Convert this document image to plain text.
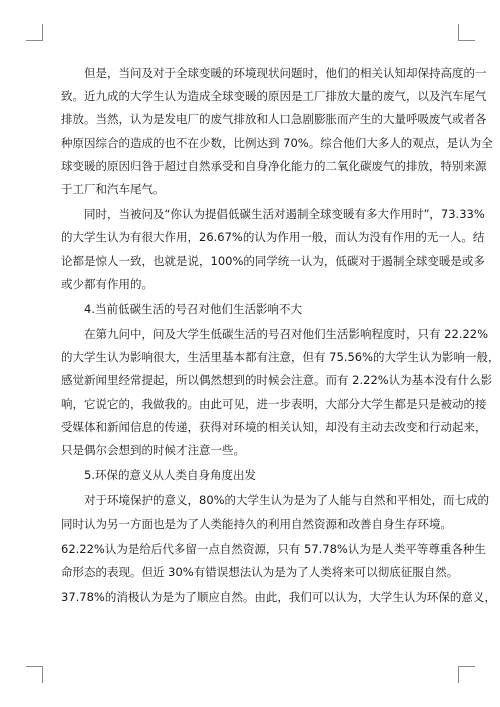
但是，当问及对于全球变暖的环境现状问题时，他们的相关认知却保持高度的一
致。近九成的大学生认为造成全球变暖的原因是工厂排放大量的废气，以及汽车尾气
排放。当然，认为是发电厂的废气排放和人口急剧膨胀而产生的大量呼吸废气或者各
种原因综合的造成的也不在少数，比例达到 70%。综合他们大多人的观点，是认为全
球变暖的原因归咎于超过自然承受和自身净化能力的二氧化碳废气的排放，特别来源
于工厂和汽车尾气。
同时，当被问及“你认为提倡低碳生活对遏制全球变暖有多大作用时”，73.33%
的大学生认为有很大作用，26.67%的认为作用一般，而认为没有作用的无一人。结
论都是惊人一致，也就是说，100%的同学统一认为，低碳对于遏制全球变暖是或多
或少都有作用的。
4.当前低碳生活的号召对他们生活影响不大
在第九问中，问及大学生低碳生活的号召对他们生活影响程度时，只有 22.22%
的大学生认为影响很大，生活里基本都有注意，但有 75.56%的大学生认为影响一般，
感觉新闻里经常提起，所以偶然想到的时候会注意。而有 2.22%认为基本没有什么影
响，它说它的，我做我的。由此可见，进一步表明，大部分大学生都是只是被动的接
受媒体和新闻信息的传递，获得对环境的相关认知，却没有主动去改变和行动起来，
只是偶尔会想到的时候才注意一些。
5.环保的意义从人类自身角度出发
对于环境保护的意义，80%的大学生认为是为了人能与自然和平相处，而七成的
同时认为另一方面也是为了人类能持久的利用自然资源和改善自身生存环境。
62.22%认为是给后代多留一点自然资源，只有 57.78%认为是人类平等尊重各种生
命形态的表现。但近 30%有错误想法认为是为了人类将来可以彻底征服自然。
37.78%的消极认为是为了顺应自然。由此，我们可以认为，大学生认为环保的意义，
